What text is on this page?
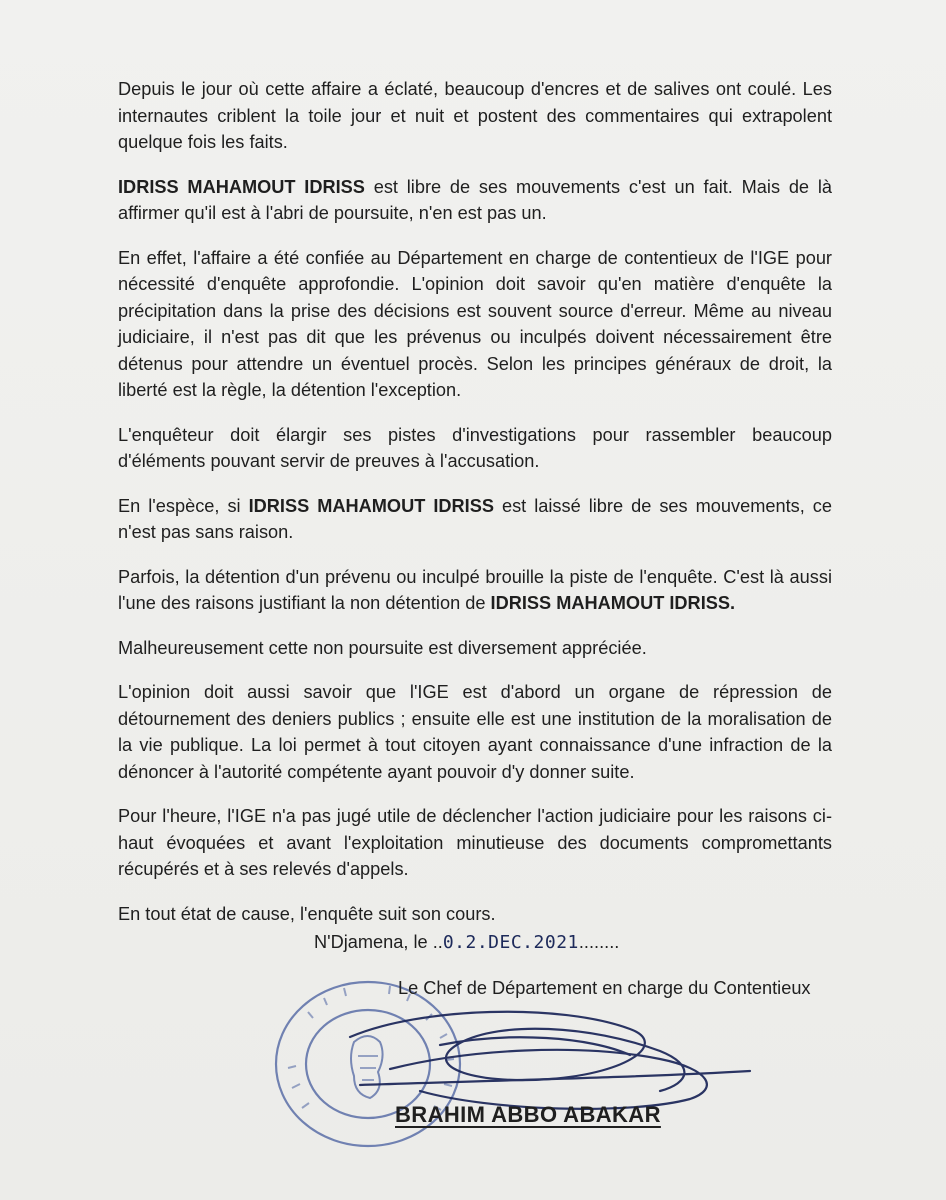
Depuis le jour où cette affaire a éclaté, beaucoup d'encres et de salives ont coulé. Les internautes criblent la toile jour et nuit et postent des commentaires qui extrapolent quelque fois les faits.

IDRISS MAHAMOUT IDRISS est libre de ses mouvements c'est un fait. Mais de là affirmer qu'il est à l'abri de poursuite, n'en est pas un.

En effet, l'affaire a été confiée au Département en charge de contentieux de l'IGE pour nécessité d'enquête approfondie. L'opinion doit savoir qu'en matière d'enquête la précipitation dans la prise des décisions est souvent source d'erreur. Même au niveau judiciaire, il n'est pas dit que les prévenus ou inculpés doivent nécessairement être détenus pour attendre un éventuel procès. Selon les principes généraux de droit, la liberté est la règle, la détention l'exception.

L'enquêteur doit élargir ses pistes d'investigations pour rassembler beaucoup d'éléments pouvant servir de preuves à l'accusation.

En l'espèce, si IDRISS MAHAMOUT IDRISS est laissé libre de ses mouvements, ce n'est pas sans raison.

Parfois, la détention d'un prévenu ou inculpé brouille la piste de l'enquête. C'est là aussi l'une des raisons justifiant la non détention de IDRISS MAHAMOUT IDRISS.

Malheureusement cette non poursuite est diversement appréciée.

L'opinion doit aussi savoir que l'IGE est d'abord un organe de répression de détournement des deniers publics ; ensuite elle est une institution de la moralisation de la vie publique. La loi permet à tout citoyen ayant connaissance d'une infraction de la dénoncer à l'autorité compétente ayant pouvoir d'y donner suite.

Pour l'heure, l'IGE n'a pas jugé utile de déclencher l'action judiciaire pour les raisons ci-haut évoquées et avant l'exploitation minutieuse des documents compromettants récupérés et à ses relevés d'appels.

En tout état de cause, l'enquête suit son cours.

N'Djamena, le ..0.2.DEC.2021........
Le Chef de Département en charge du Contentieux
BRAHIM ABBO ABAKAR
